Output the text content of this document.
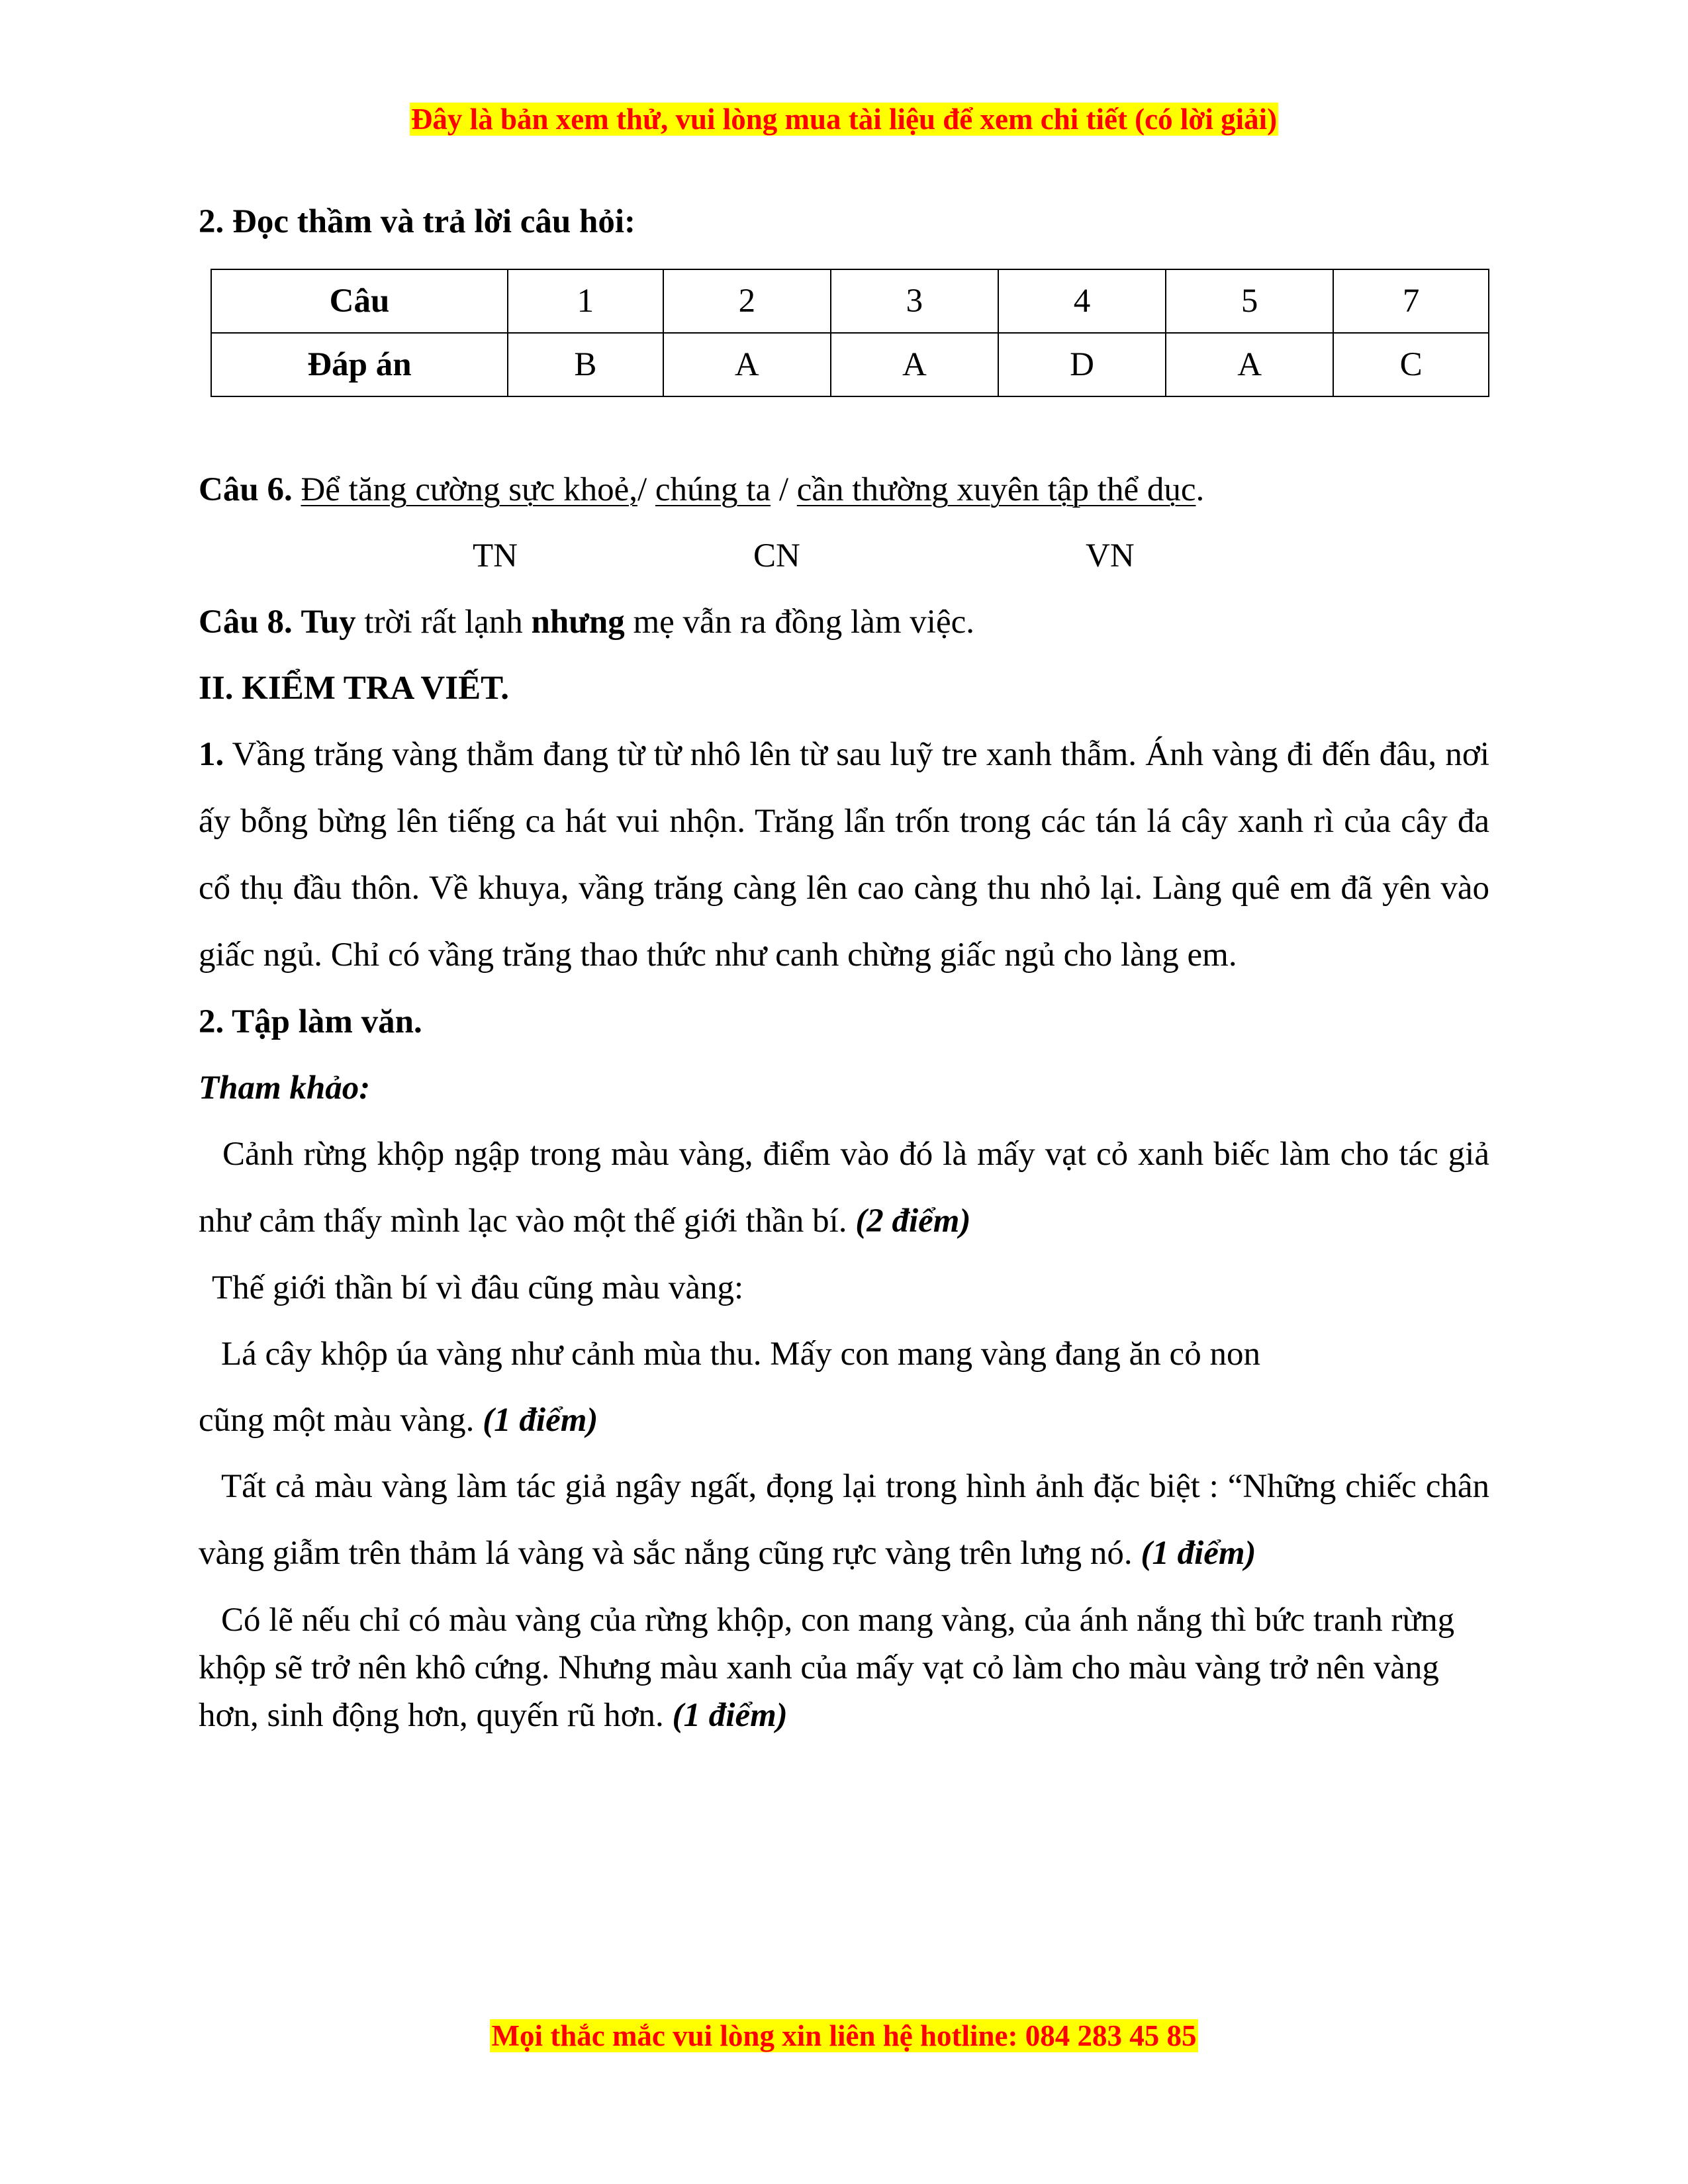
Đây là bản xem thử, vui lòng mua tài liệu để xem chi tiết (có lời giải)

2. Đọc thầm và trả lời câu hỏi:

Câu	1	2	3	4	5	7
Đáp án	B	A	A	D	A	C

Câu 6. Để tăng cường sực khoẻ,/ chúng ta / cần thường xuyên tập thể dục.

TN	CN	VN

Câu 8. Tuy trời rất lạnh nhưng mẹ vẫn ra đồng làm việc.

II. KIỂM TRA VIẾT.

1. Vầng trăng vàng thẳm đang từ từ nhô lên từ sau luỹ tre xanh thẫm. Ánh vàng đi đến đâu, nơi ấy bỗng bừng lên tiếng ca hát vui nhộn. Trăng lẩn trốn trong các tán lá cây xanh rì của cây đa cổ thụ đầu thôn. Về khuya, vầng trăng càng lên cao càng thu nhỏ lại. Làng quê em đã yên vào giấc ngủ. Chỉ có vầng trăng thao thức như canh chừng giấc ngủ cho làng em.

2. Tập làm văn.

Tham khảo:

Cảnh rừng khộp ngập trong màu vàng, điểm vào đó là mấy vạt cỏ xanh biếc làm cho tác giả như cảm thấy mình lạc vào một thế giới thần bí. (2 điểm)

Thế giới thần bí vì đâu cũng màu vàng:

Lá cây khộp úa vàng như cảnh mùa thu. Mấy con mang vàng đang ăn cỏ non

cũng một màu vàng. (1 điểm)

Tất cả màu vàng làm tác giả ngây ngất, đọng lại trong hình ảnh đặc biệt : “Những chiếc chân vàng giẫm trên thảm lá vàng và sắc nắng cũng rực vàng trên lưng nó. (1 điểm)

Có lẽ nếu chỉ có màu vàng của rừng khộp, con mang vàng, của ánh nắng thì bức tranh rừng khộp sẽ trở nên khô cứng. Nhưng màu xanh của mấy vạt cỏ làm cho màu vàng trở nên vàng hơn, sinh động hơn, quyến rũ hơn. (1 điểm)

Mọi thắc mắc vui lòng xin liên hệ hotline: 084 283 45 85
